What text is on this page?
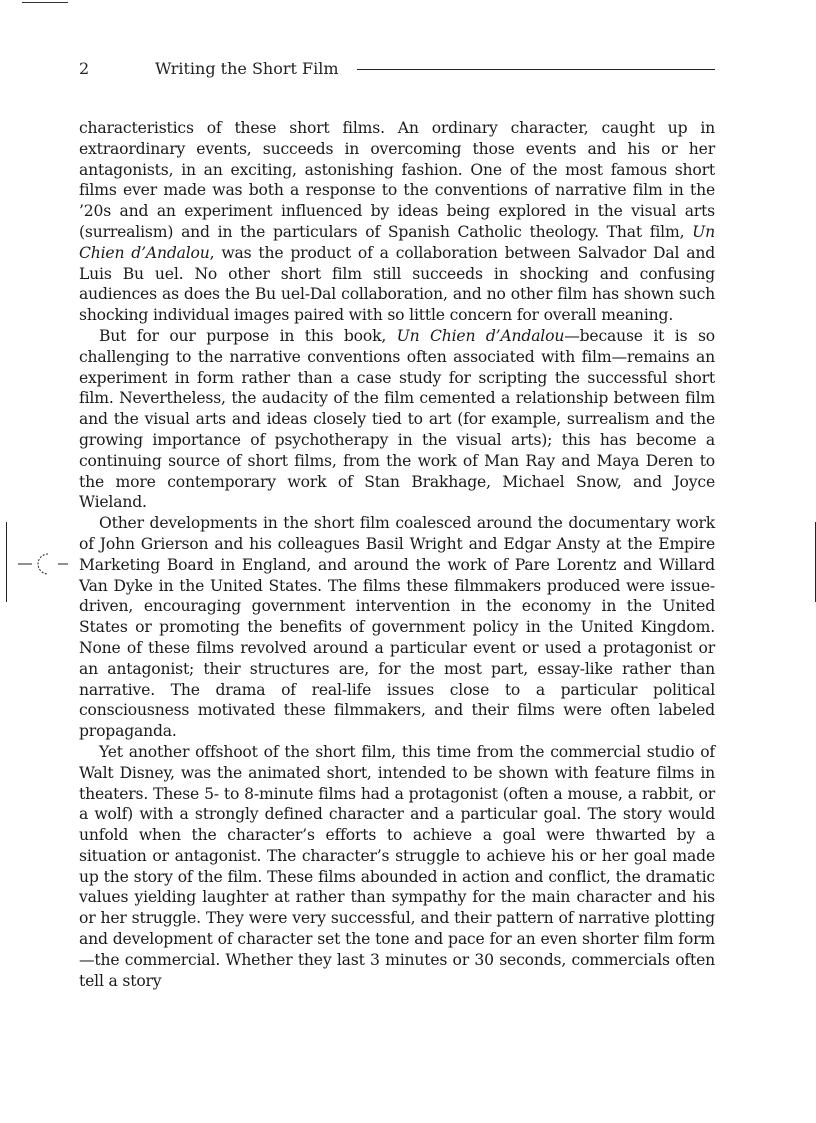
2	Writing the Short Film

characteristics of these short films. An ordinary character, caught up in extraordinary events, succeeds in overcoming those events and his or her antagonists, in an exciting, astonishing fashion. One of the most famous short films ever made was both a response to the conventions of narrative film in the ’20s and an experiment influenced by ideas being explored in the visual arts (surrealism) and in the particulars of Spanish Catholic theology. That film, Un Chien d’Andalou, was the product of a collaboration between Salvador Dal and Luis Bu uel. No other short film still succeeds in shocking and confusing audiences as does the Bu uel-Dal collaboration, and no other film has shown such shocking individual images paired with so little concern for overall meaning.

But for our purpose in this book, Un Chien d’Andalou—because it is so challenging to the narrative conventions often associated with film—remains an experiment in form rather than a case study for scripting the successful short film. Nevertheless, the audacity of the film cemented a relationship between film and the visual arts and ideas closely tied to art (for example, surrealism and the growing importance of psychotherapy in the visual arts); this has become a continuing source of short films, from the work of Man Ray and Maya Deren to the more contemporary work of Stan Brakhage, Michael Snow, and Joyce Wieland.

Other developments in the short film coalesced around the documentary work of John Grierson and his colleagues Basil Wright and Edgar Ansty at the Empire Marketing Board in England, and around the work of Pare Lorentz and Willard Van Dyke in the United States. The films these filmmakers produced were issue-driven, encouraging government intervention in the economy in the United States or promoting the benefits of government policy in the United Kingdom. None of these films revolved around a particular event or used a protagonist or an antagonist; their structures are, for the most part, essay-like rather than narrative. The drama of real-life issues close to a particular political consciousness motivated these filmmakers, and their films were often labeled propaganda.

Yet another offshoot of the short film, this time from the commercial studio of Walt Disney, was the animated short, intended to be shown with feature films in theaters. These 5- to 8-minute films had a protagonist (often a mouse, a rabbit, or a wolf) with a strongly defined character and a particular goal. The story would unfold when the character’s efforts to achieve a goal were thwarted by a situation or antagonist. The character’s struggle to achieve his or her goal made up the story of the film. These films abounded in action and conflict, the dramatic values yielding laughter at rather than sympathy for the main character and his or her struggle. They were very successful, and their pattern of narrative plotting and development of character set the tone and pace for an even shorter film form—the commercial. Whether they last 3 minutes or 30 seconds, commercials often tell a story
